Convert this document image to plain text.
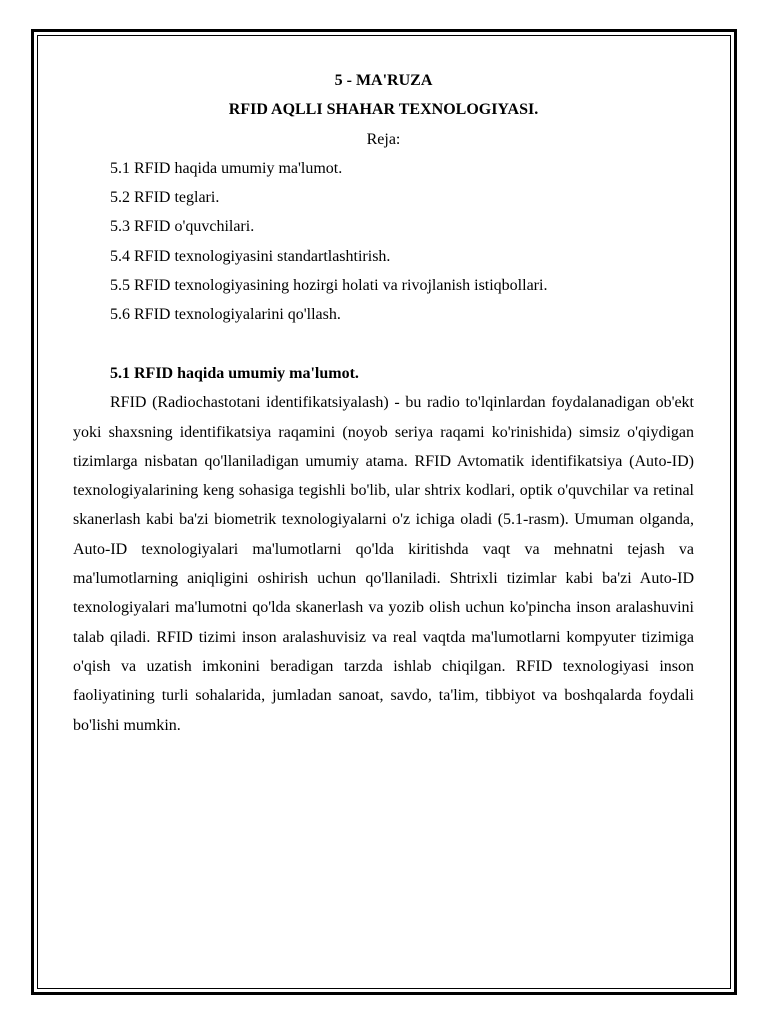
5 - MA'RUZA

RFID AQLLI SHAHAR TEXNOLOGIYASI.

Reja:

5.1 RFID haqida umumiy ma'lumot.
5.2 RFID teglari.
5.3 RFID o'quvchilari.
5.4 RFID texnologiyasini standartlashtirish.
5.5 RFID texnologiyasining hozirgi holati va rivojlanish istiqbollari.
5.6 RFID texnologiyalarini qo'llash.

5.1 RFID haqida umumiy ma'lumot.

RFID (Radiochastotani identifikatsiyalash) - bu radio to'lqinlardan foydalanadigan ob'ekt yoki shaxsning identifikatsiya raqamini (noyob seriya raqami ko'rinishida) simsiz o'qiydigan tizimlarga nisbatan qo'llaniladigan umumiy atama. RFID Avtomatik identifikatsiya (Auto-ID) texnologiyalarining keng sohasiga tegishli bo'lib, ular shtrix kodlari, optik o'quvchilar va retinal skanerlash kabi ba'zi biometrik texnologiyalarni o'z ichiga oladi (5.1-rasm). Umuman olganda, Auto-ID texnologiyalari ma'lumotlarni qo'lda kiritishda vaqt va mehnatni tejash va ma'lumotlarning aniqligini oshirish uchun qo'llaniladi. Shtrixli tizimlar kabi ba'zi Auto-ID texnologiyalari ma'lumotni qo'lda skanerlash va yozib olish uchun ko'pincha inson aralashuvini talab qiladi. RFID tizimi inson aralashuvisiz va real vaqtda ma'lumotlarni kompyuter tizimiga o'qish va uzatish imkonini beradigan tarzda ishlab chiqilgan. RFID texnologiyasi inson faoliyatining turli sohalarida, jumladan sanoat, savdo, ta'lim, tibbiyot va boshqalarda foydali bo'lishi mumkin.
